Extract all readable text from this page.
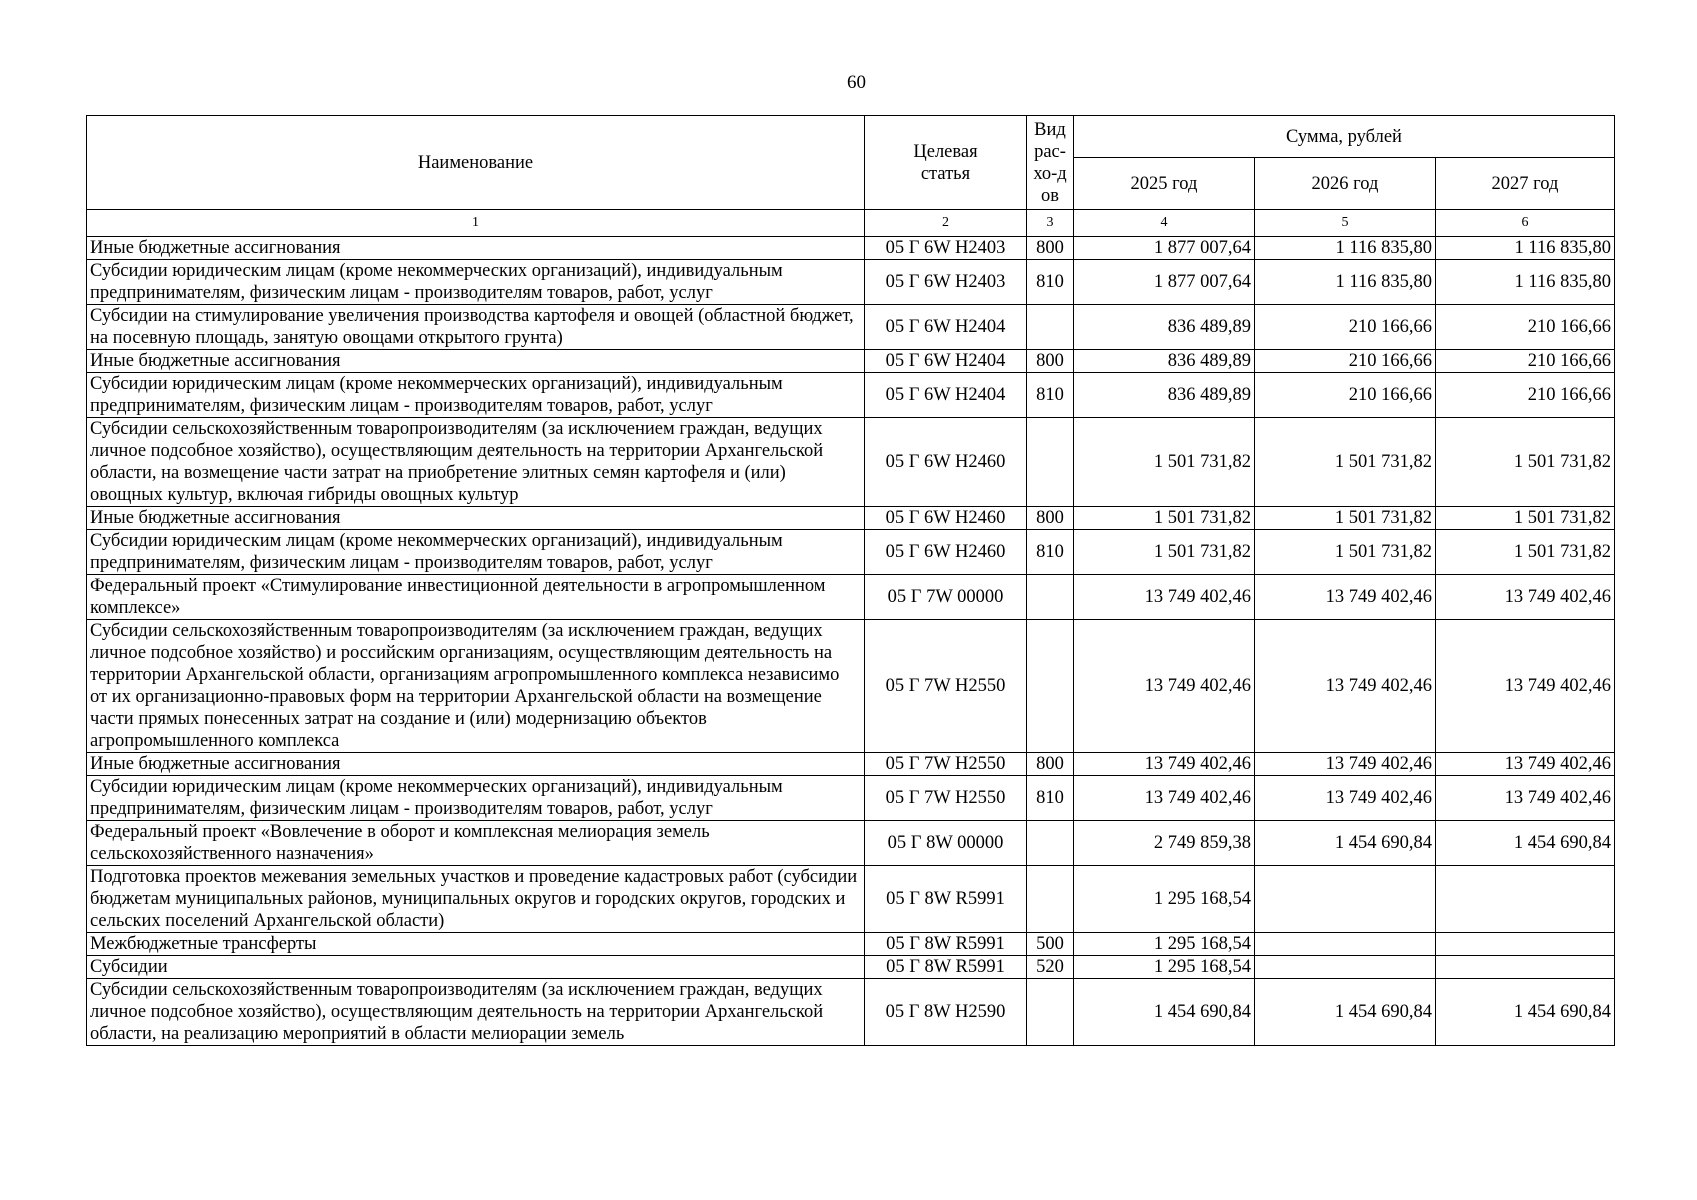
60
Наименование	Целевая статья	Вид рас-хо-дов	Сумма, рублей		
			2025 год	2026 год	2027 год
1	2	3	4	5	6
Иные бюджетные ассигнования	05 Г 6W H2403	800	1 877 007,64	1 116 835,80	1 116 835,80
Субсидии юридическим лицам (кроме некоммерческих организаций), индивидуальным предпринимателям, физическим лицам - производителям товаров, работ, услуг	05 Г 6W H2403	810	1 877 007,64	1 116 835,80	1 116 835,80
Субсидии на стимулирование увеличения производства картофеля и овощей (областной бюджет, на посевную площадь, занятую овощами открытого грунта)	05 Г 6W H2404		836 489,89	210 166,66	210 166,66
Иные бюджетные ассигнования	05 Г 6W H2404	800	836 489,89	210 166,66	210 166,66
Субсидии юридическим лицам (кроме некоммерческих организаций), индивидуальным предпринимателям, физическим лицам - производителям товаров, работ, услуг	05 Г 6W H2404	810	836 489,89	210 166,66	210 166,66
Субсидии сельскохозяйственным товаропроизводителям (за исключением граждан, ведущих личное подсобное хозяйство), осуществляющим деятельность на территории Архангельской области, на возмещение части затрат на приобретение элитных семян картофеля и (или) овощных культур, включая гибриды овощных культур	05 Г 6W H2460		1 501 731,82	1 501 731,82	1 501 731,82
Иные бюджетные ассигнования	05 Г 6W H2460	800	1 501 731,82	1 501 731,82	1 501 731,82
Субсидии юридическим лицам (кроме некоммерческих организаций), индивидуальным предпринимателям, физическим лицам - производителям товаров, работ, услуг	05 Г 6W H2460	810	1 501 731,82	1 501 731,82	1 501 731,82
Федеральный проект «Стимулирование инвестиционной деятельности в агропромышленном комплексе»	05 Г 7W 00000		13 749 402,46	13 749 402,46	13 749 402,46
Субсидии сельскохозяйственным товаропроизводителям (за исключением граждан, ведущих личное подсобное хозяйство) и российским организациям, осуществляющим деятельность на территории Архангельской области, организациям агропромышленного комплекса независимо от их организационно-правовых форм на территории Архангельской области на возмещение части прямых понесенных затрат на создание и (или) модернизацию объектов агропромышленного комплекса	05 Г 7W H2550		13 749 402,46	13 749 402,46	13 749 402,46
Иные бюджетные ассигнования	05 Г 7W H2550	800	13 749 402,46	13 749 402,46	13 749 402,46
Субсидии юридическим лицам (кроме некоммерческих организаций), индивидуальным предпринимателям, физическим лицам - производителям товаров, работ, услуг	05 Г 7W H2550	810	13 749 402,46	13 749 402,46	13 749 402,46
Федеральный проект «Вовлечение в оборот и комплексная мелиорация земель сельскохозяйственного назначения»	05 Г 8W 00000		2 749 859,38	1 454 690,84	1 454 690,84
Подготовка проектов межевания земельных участков и проведение кадастровых работ (субсидии бюджетам муниципальных районов, муниципальных округов и городских округов, городских и сельских поселений Архангельской области)	05 Г 8W R5991		1 295 168,54		
Межбюджетные трансферты	05 Г 8W R5991	500	1 295 168,54		
Субсидии	05 Г 8W R5991	520	1 295 168,54		
Субсидии сельскохозяйственным товаропроизводителям (за исключением граждан, ведущих личное подсобное хозяйство), осуществляющим деятельность на территории Архангельской области, на реализацию мероприятий в области мелиорации земель	05 Г 8W H2590		1 454 690,84	1 454 690,84	1 454 690,84
